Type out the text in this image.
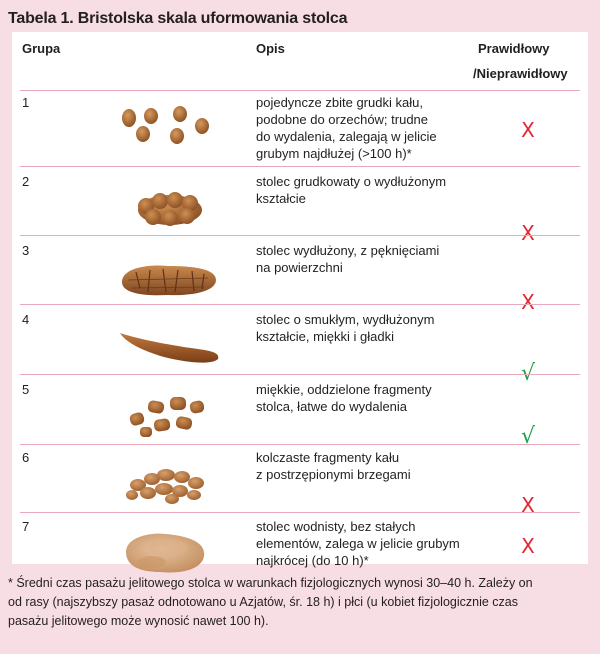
Tabela 1. Bristolska skala uformowania stolca
Grupa	Opis	Prawidłowy
/Nieprawidłowy
1	pojedyncze zbite grudki kału,
podobne do orzechów; trudne
do wydalenia, zalegają w jelicie
grubym najdłużej (>100 h)*
X
2	stolec grudkowaty o wydłużonym
kształcie
X
3	stolec wydłużony, z pęknięciami
na powierzchni
X
4	stolec o smukłym, wydłużonym
kształcie, miękki i gładki
√
5	miękkie, oddzielone fragmenty
stolca, łatwe do wydalenia
√
6	kolczaste fragmenty kału
z postrzępionymi brzegami
X
7	stolec wodnisty, bez stałych
elementów, zalega w jelicie grubym
najkrócej (do 10 h)*
X
* Średni czas pasażu jelitowego stolca w warunkach fizjologicznych wynosi 30–40 h. Zależy on
od rasy (najszybszy pasaż odnotowano u Azjatów, śr. 18 h) i płci (u kobiet fizjologicznie czas
pasażu jelitowego może wynosić nawet 100 h).
